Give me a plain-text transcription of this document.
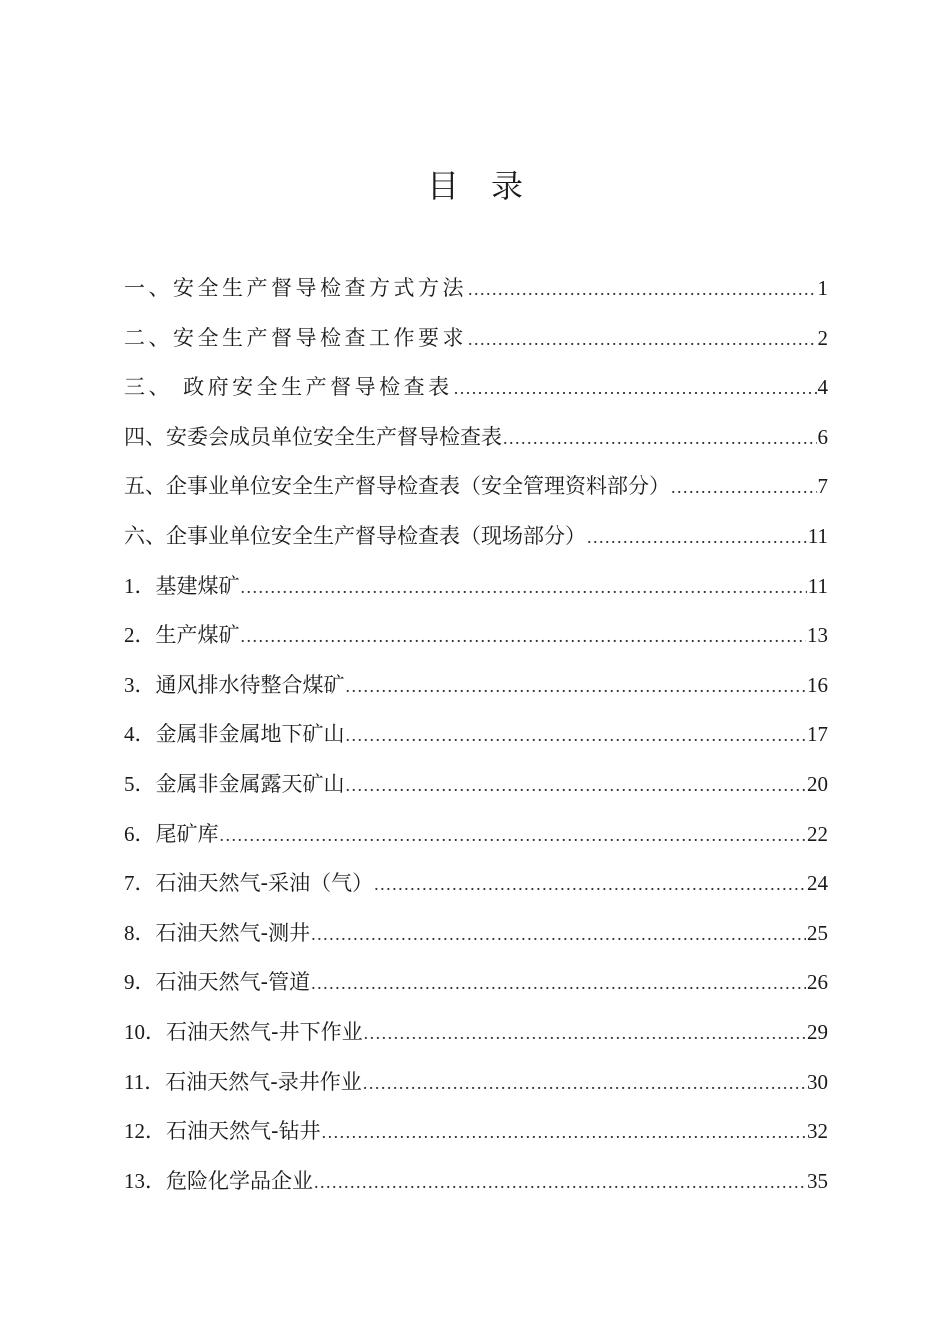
目　录
一、安全生产督导检查方式方法 .....	1
二、安全生产督导检查工作要求 .....	2
三、 政府安全生产督导检查表 .....	4
四、安委会成员单位安全生产督导检查表 .....	6
五、企事业单位安全生产督导检查表（安全管理资料部分） .....	7
六、企事业单位安全生产督导检查表（现场部分） .....	11
1．基建煤矿 .....	11
2．生产煤矿 .....	13
3．通风排水待整合煤矿 .....	16
4．金属非金属地下矿山 .....	17
5．金属非金属露天矿山 .....	20
6．尾矿库 .....	22
7．石油天然气-采油（气） .....	24
8．石油天然气-测井 .....	25
9．石油天然气-管道 .....	26
10．石油天然气-井下作业 .....	29
11．石油天然气-录井作业 .....	30
12．石油天然气-钻井 .....	32
13．危险化学品企业 .....	35
